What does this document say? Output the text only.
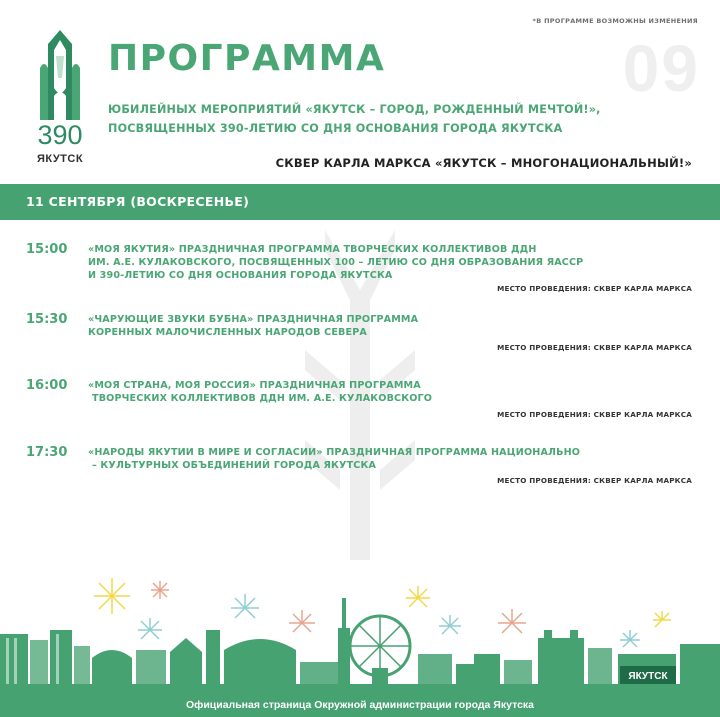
*В ПРОГРАММЕ ВОЗМОЖНЫ ИЗМЕНЕНИЯ
390
ЯКУТСК
ПРОГРАММА	09
ЮБИЛЕЙНЫХ МЕРОПРИЯТИЙ «ЯКУТСК – ГОРОД, РОЖДЕННЫЙ МЕЧТОЙ!»,
ПОСВЯЩЕННЫХ 390-ЛЕТИЮ СО ДНЯ ОСНОВАНИЯ ГОРОДА ЯКУТСКА
СКВЕР КАРЛА МАРКСА «ЯКУТСК – МНОГОНАЦИОНАЛЬНЫЙ!»
11 СЕНТЯБРЯ (ВОСКРЕСЕНЬЕ)
15:00 «МОЯ ЯКУТИЯ» ПРАЗДНИЧНАЯ ПРОГРАММА ТВОРЧЕСКИХ КОЛЛЕКТИВОВ ДДН
ИМ. А.Е. КУЛАКОВСКОГО, ПОСВЯЩЕННЫХ 100 – ЛЕТИЮ СО ДНЯ ОБРАЗОВАНИЯ ЯАССР
И 390-ЛЕТИЮ СО ДНЯ ОСНОВАНИЯ ГОРОДА ЯКУТСКА
МЕСТО ПРОВЕДЕНИЯ: СКВЕР КАРЛА МАРКСА
15:30 «ЧАРУЮЩИЕ ЗВУКИ БУБНА» ПРАЗДНИЧНАЯ ПРОГРАММА
КОРЕННЫХ МАЛОЧИСЛЕННЫХ НАРОДОВ СЕВЕРА
МЕСТО ПРОВЕДЕНИЯ: СКВЕР КАРЛА МАРКСА
16:00 «МОЯ СТРАНА, МОЯ РОССИЯ» ПРАЗДНИЧНАЯ ПРОГРАММА
ТВОРЧЕСКИХ КОЛЛЕКТИВОВ ДДН ИМ. А.Е. КУЛАКОВСКОГО
МЕСТО ПРОВЕДЕНИЯ: СКВЕР КАРЛА МАРКСА
17:30 «НАРОДЫ ЯКУТИИ В МИРЕ И СОГЛАСИИ» ПРАЗДНИЧНАЯ ПРОГРАММА НАЦИОНАЛЬНО
– КУЛЬТУРНЫХ ОБЪЕДИНЕНИЙ ГОРОДА ЯКУТСКА
МЕСТО ПРОВЕДЕНИЯ: СКВЕР КАРЛА МАРКСА
ЯКУТСК
Официальная страница Окружной администрации города Якутска
